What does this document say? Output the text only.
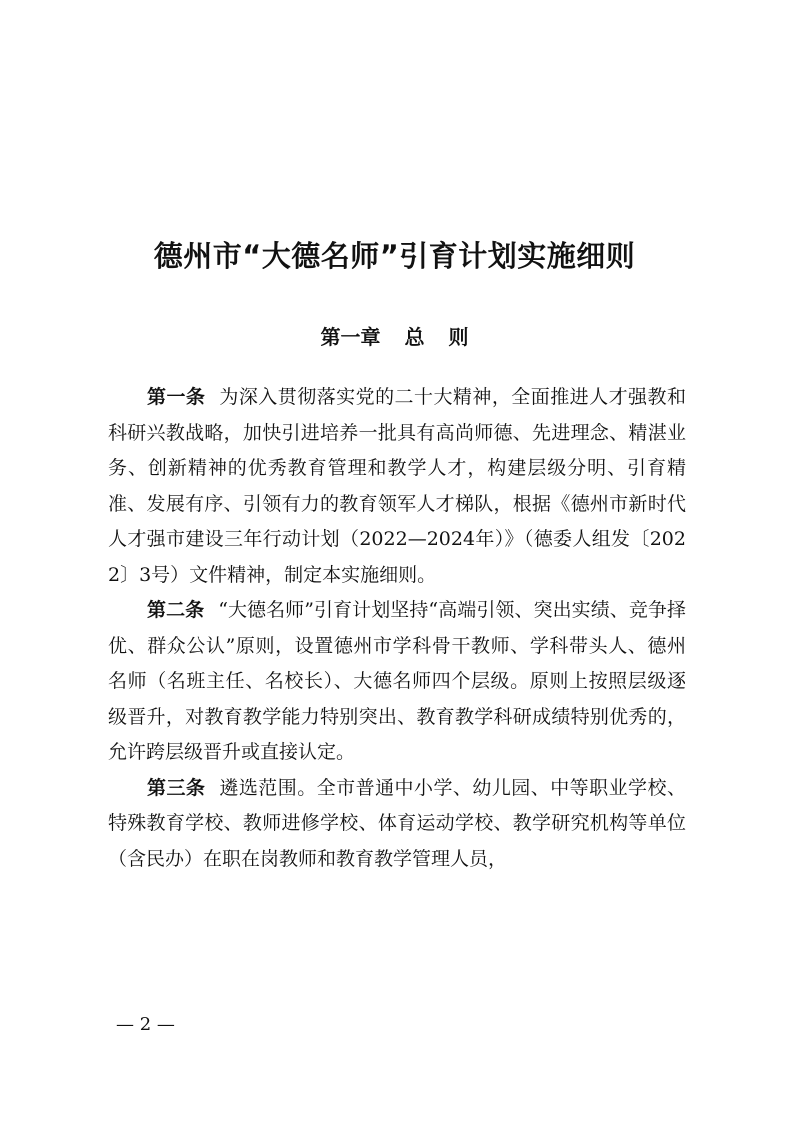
德州市“大德名师”引育计划实施细则
第一章 总 则

第一条 为深入贯彻落实党的二十大精神，全面推进人才强教和科研兴教战略，加快引进培养一批具有高尚师德、先进理念、精湛业务、创新精神的优秀教育管理和教学人才，构建层级分明、引育精准、发展有序、引领有力的教育领军人才梯队，根据《德州市新时代人才强市建设三年行动计划（2022—2024年）》（德委人组发〔2022〕3号）文件精神，制定本实施细则。

第二条 “大德名师”引育计划坚持“高端引领、突出实绩、竞争择优、群众公认”原则，设置德州市学科骨干教师、学科带头人、德州名师（名班主任、名校长）、大德名师四个层级。原则上按照层级逐级晋升，对教育教学能力特别突出、教育教学科研成绩特别优秀的，允许跨层级晋升或直接认定。

第三条 遴选范围。全市普通中小学、幼儿园、中等职业学校、特殊教育学校、教师进修学校、体育运动学校、教学研究机构等单位（含民办）在职在岗教师和教育教学管理人员，

— 2 —
